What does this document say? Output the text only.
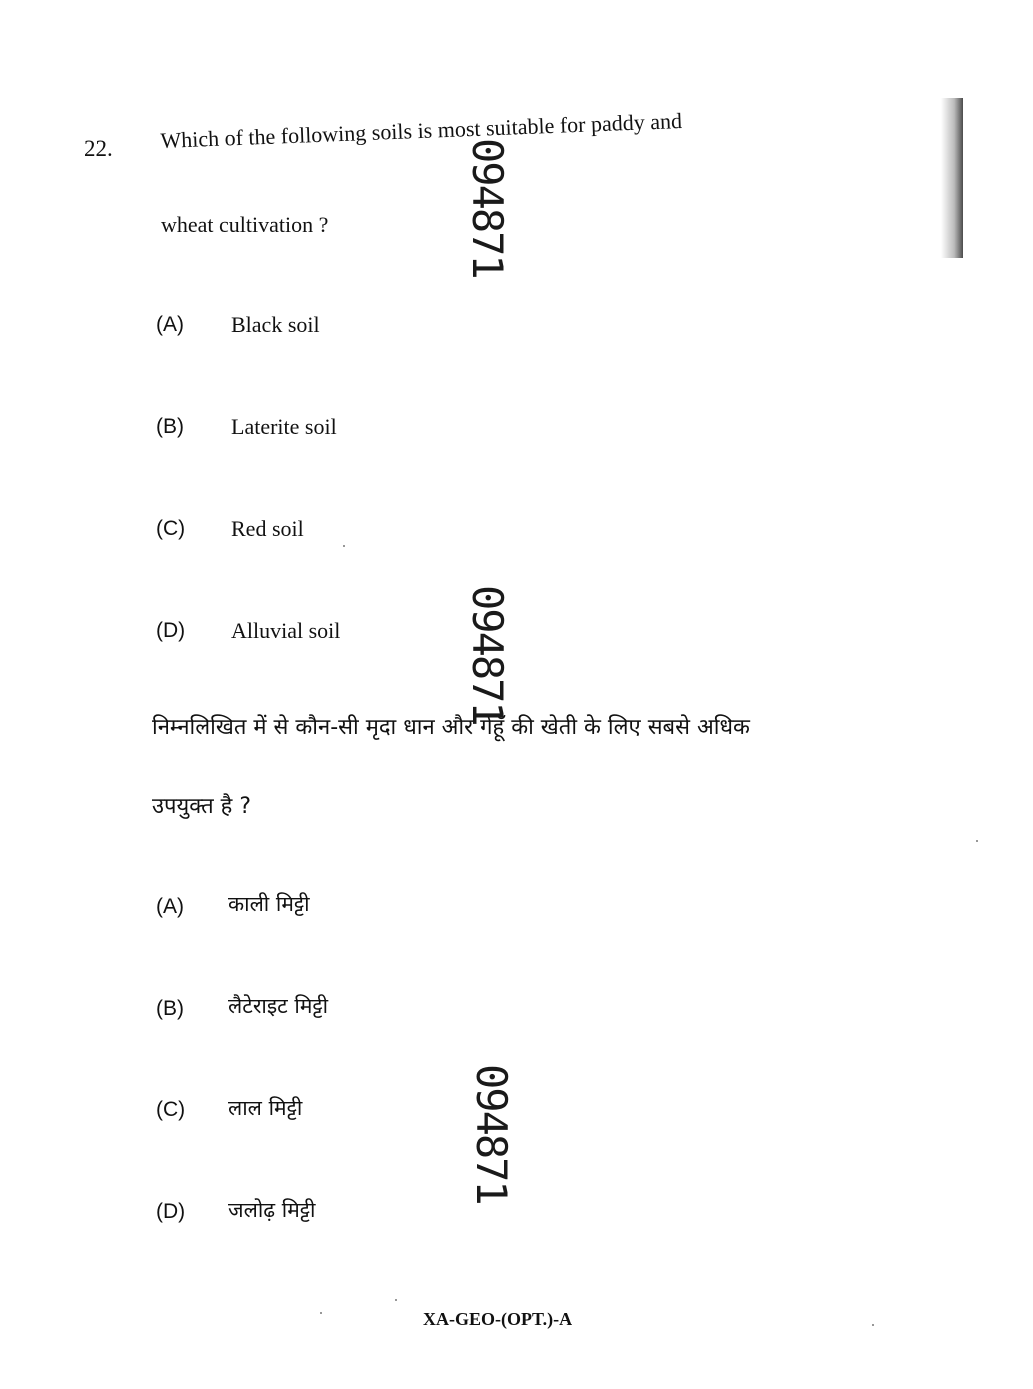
22. Which of the following soils is most suitable for paddy and
wheat cultivation ?
(A) Black soil
(B) Laterite soil
(C) Red soil
(D) Alluvial soil
निम्नलिखित में से कौन-सी मृदा धान और गेहूँ की खेती के लिए सबसे अधिक
उपयुक्त है ?
(A) काली मिट्टी
(B) लैटेराइट मिट्टी
(C) लाल मिट्टी
(D) जलोढ़ मिट्टी
094871
094871
094871
XA-GEO-(OPT.)-A
